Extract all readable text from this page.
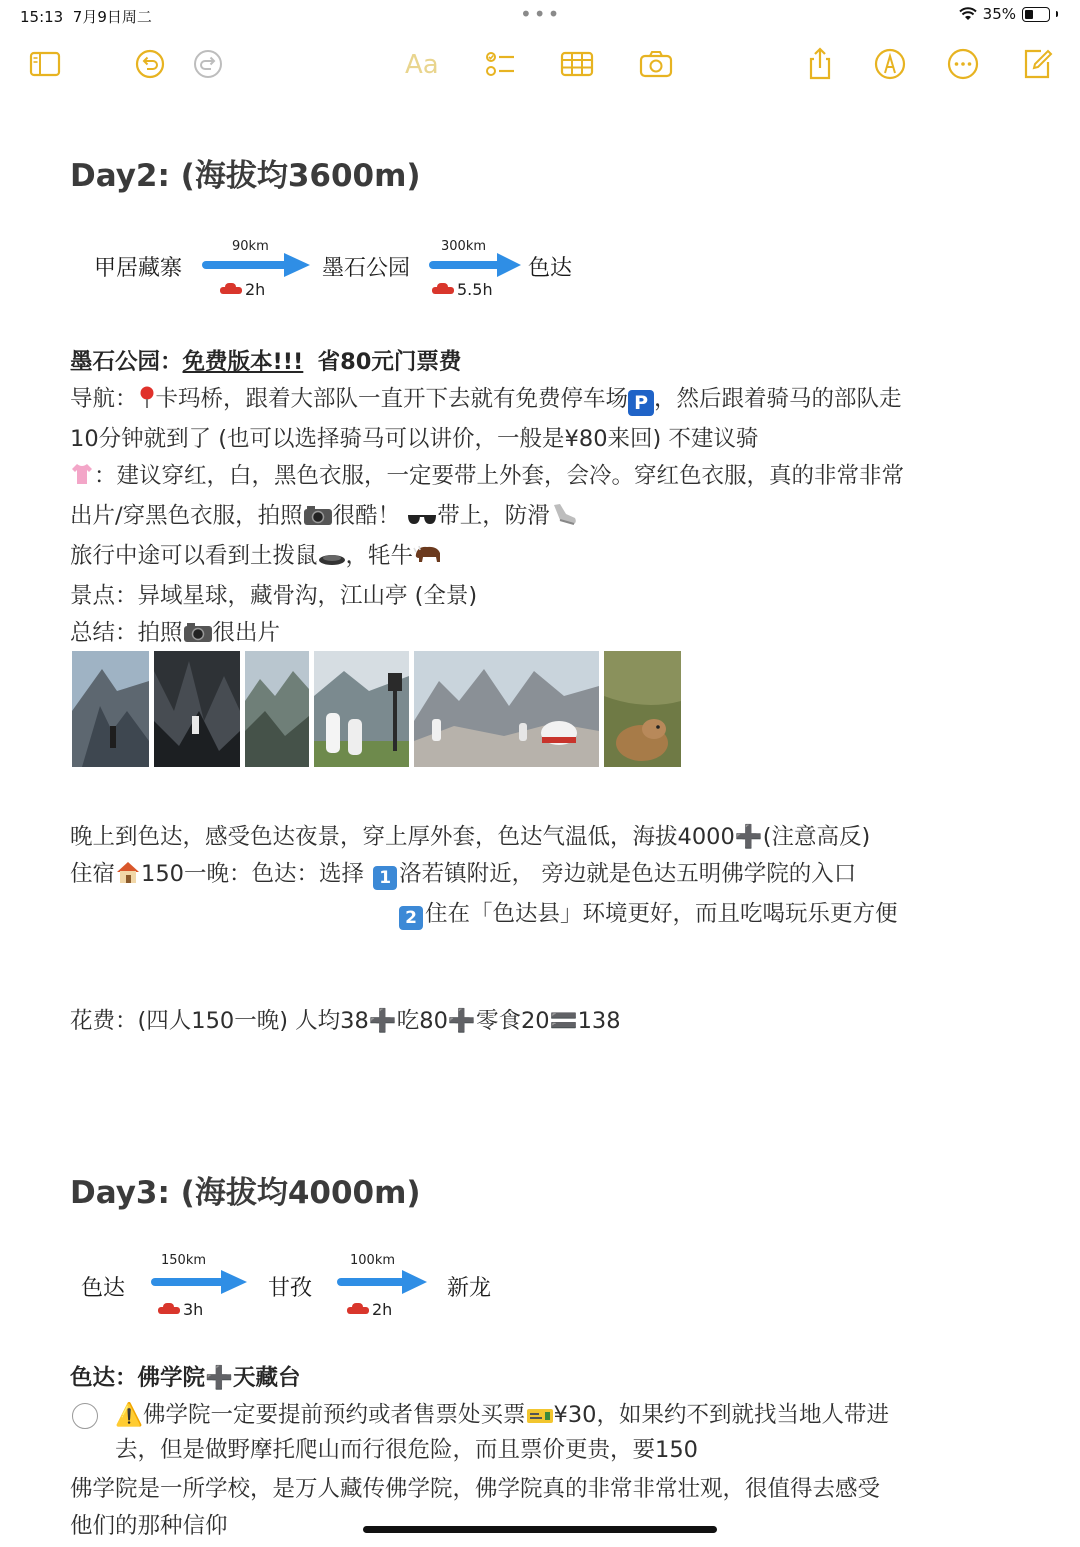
15:13 7月9日周二	•••	35%
Aa
Day2: (海拔均3600m)
甲居藏寨
90km
2h
墨石公园
300km
5.5h
色达
墨石公园：免费版本!!! 省80元门票费
导航： 卡玛桥，跟着大部队一直开下去就有免费停车场 P ，然后跟着骑马的部队走
10分钟就到了 (也可以选择骑马可以讲价，一般是¥80来回) 不建议骑
：建议穿红，白，黑色衣服，一定要带上外套，会冷。穿红色衣服，真的非常非常
出片/穿黑色衣服，拍照 很酷！ 带上，防滑
旅行中途可以看到土拨鼠 ，牦牛
景点：异域星球，藏骨沟，江山亭 (全景)
总结：拍照 很出片
晚上到色达，感受色达夜景，穿上厚外套，色达气温低，海拔4000➕(注意高反)
住宿 150一晚：色达：选择 1 洛若镇附近， 旁边就是色达五明佛学院的入口
2 住在「色达县」环境更好，而且吃喝玩乐更方便
花费：(四人150一晚) 人均38➕吃80➕零食20🟰138
Day3: (海拔均4000m)
色达
150km
3h
甘孜
100km
2h
新龙
色达：佛学院➕天藏台
⚠️佛学院一定要提前预约或者售票处买票 ¥30，如果约不到就找当地人带进
去，但是做野摩托爬山而行很危险，而且票价更贵，要150
佛学院是一所学校，是万人藏传佛学院，佛学院真的非常非常壮观，很值得去感受
他们的那种信仰
